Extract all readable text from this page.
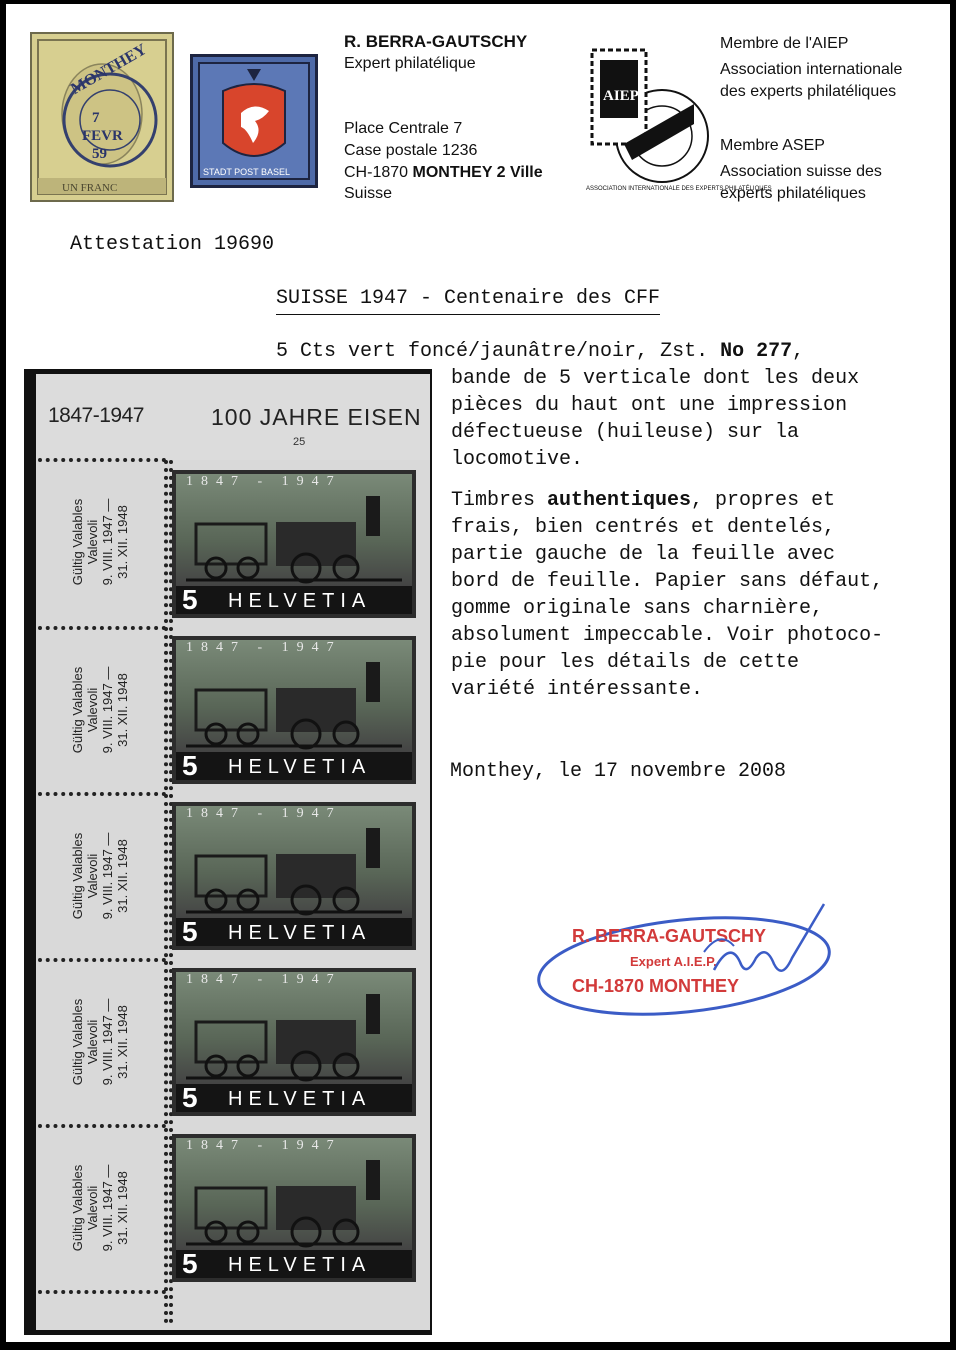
7
FEVR
59
MONTHEY
UN FRANC
STADT POST BASEL
R. BERRA-GAUTSCHY
Expert philatélique
Place Centrale 7
Case postale 1236
CH-1870 MONTHEY 2 Ville
Suisse
AIEP
ASSOCIATION INTERNATIONALE DES EXPERTS PHILATÉLIQUES
Membre de l'AIEP
Association internationale
des experts philatéliques
Membre ASEP
Association suisse des
experts philatéliques
Attestation 19690
SUISSE 1947 - Centenaire des CFF
5 Cts vert foncé/jaunâtre/noir, Zst. No 277,
bande de 5 verticale dont les deux
pièces du haut ont une impression
défectueuse (huileuse) sur la
locomotive.
Timbres authentiques, propres et
frais, bien centrés et dentelés,
partie gauche de la feuille avec
bord de feuille. Papier sans défaut,
gomme originale sans charnière,
absolument impeccable. Voir photoco-
pie pour les détails de cette
variété intéressante.
Monthey, le 17 novembre 2008
1847-1947	100 JAHRE EISEN
25
Gültig Valables Valevoli 9. VIII. 1947 — 31. XII. 1948
1847 - 1947
5 HELVETIA
Gültig Valables Valevoli 9. VIII. 1947 — 31. XII. 1948
1847 - 1947
5 HELVETIA
Gültig Valables Valevoli 9. VIII. 1947 — 31. XII. 1948
1847 - 1947
5 HELVETIA
Gültig Valables Valevoli 9. VIII. 1947 — 31. XII. 1948
1847 - 1947
5 HELVETIA
Gültig Valables Valevoli 9. VIII. 1947 — 31. XII. 1948
1847 - 1947
5 HELVETIA
R. BERRA-GAUTSCHY
Expert A.I.E.P.
CH-1870 MONTHEY
